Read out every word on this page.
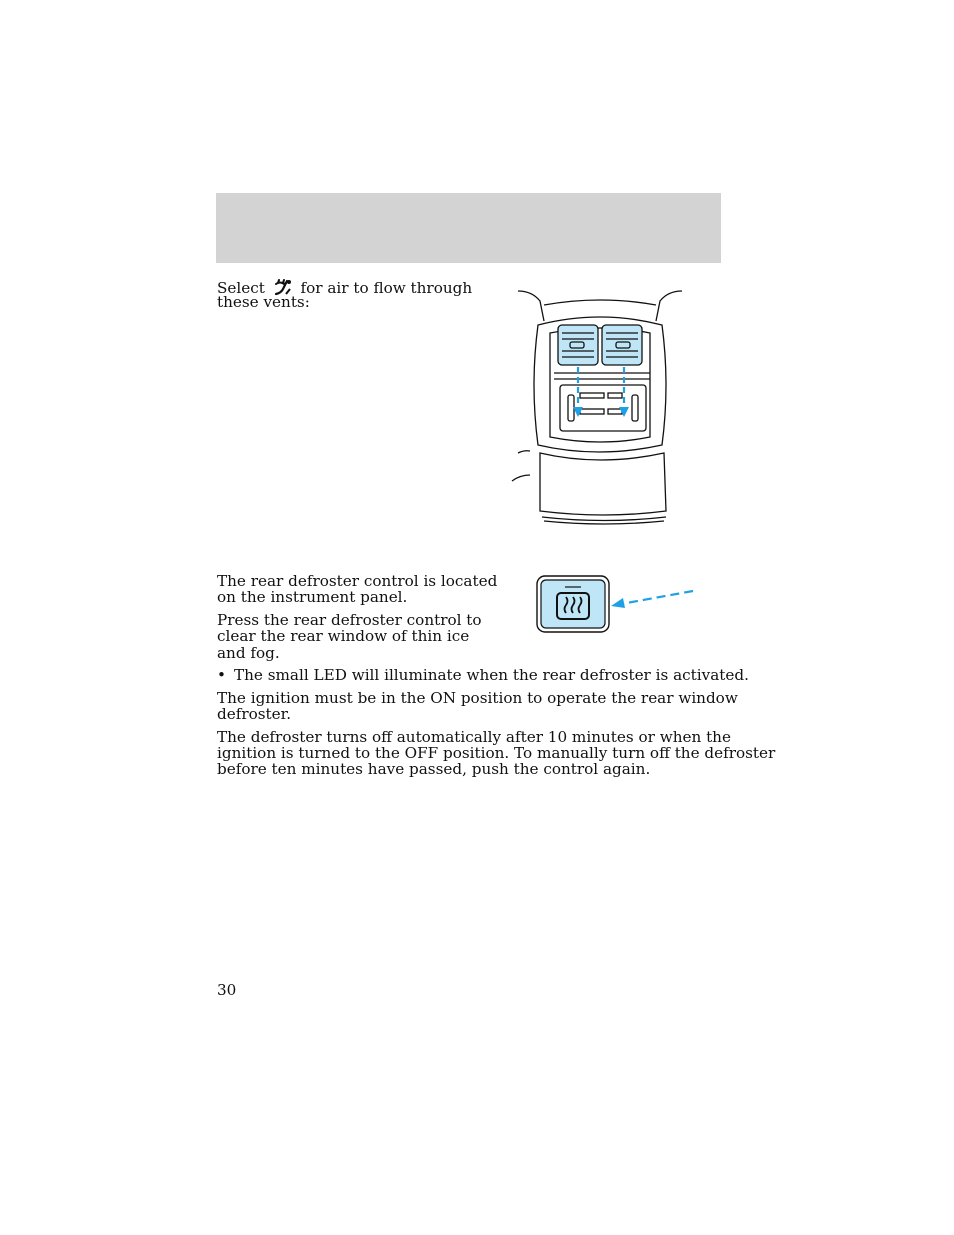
Select for air to flow through

these vents:

The rear defroster control is located

on the instrument panel.

Press the rear defroster control to

clear the rear window of thin ice

and fog.

• The small LED will illuminate when the rear defroster is activated.

The ignition must be in the ON position to operate the rear window

defroster.

The defroster turns off automatically after 10 minutes or when the

ignition is turned to the OFF position. To manually turn off the defroster

before ten minutes have passed, push the control again.

30
